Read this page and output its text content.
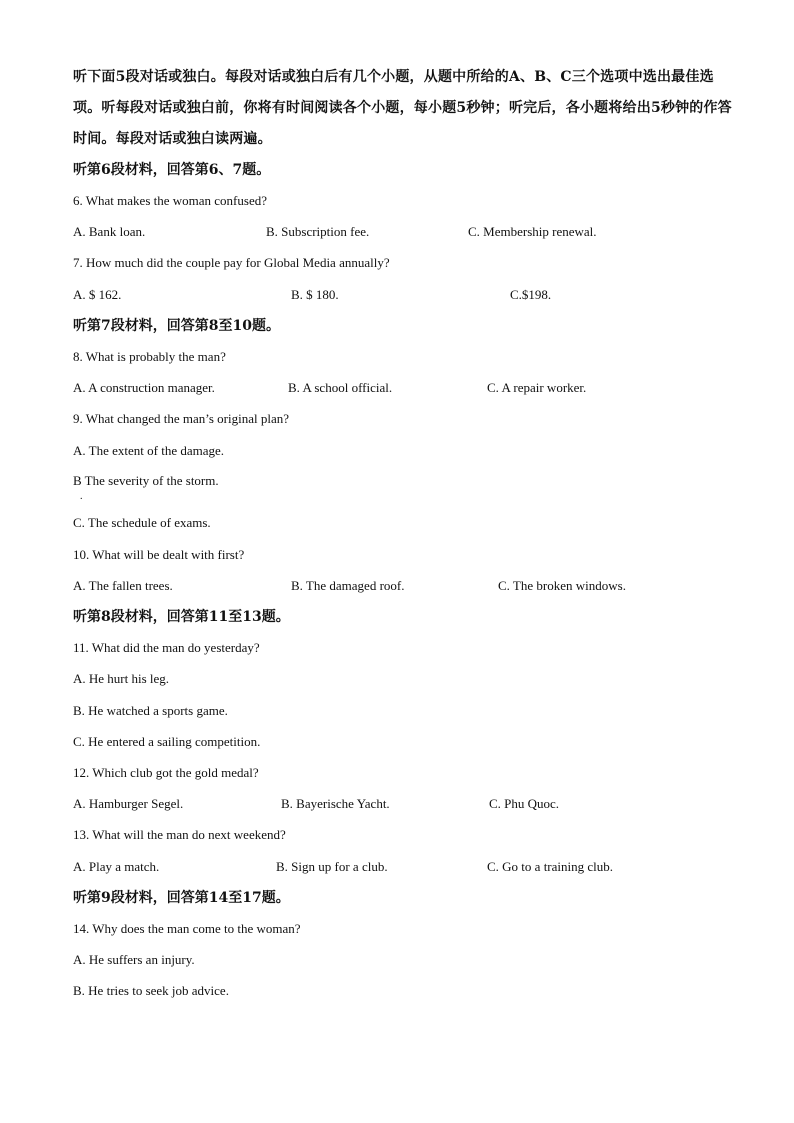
听下面5段对话或独白。每段对话或独白后有几个小题，从题中所给的A、B、C三个选项中选出最佳选项。听每段对话或独白前，你将有时间阅读各个小题，每小题5秒钟；听完后，各小题将给出5秒钟的作答时间。每段对话或独白读两遍。
听第6段材料，回答第6、7题。
6. What makes the woman confused?
A. Bank loan.	B. Subscription fee.	C. Membership renewal.
7. How much did the couple pay for Global Media annually?
A. $ 162.	B. $ 180.	C.$198.
听第7段材料，回答第8至10题。
8. What is probably the man?
A. A construction manager.	B. A school official.	C. A repair worker.
9. What changed the man’s original plan?
A. The extent of the damage.
B The severity of the storm.
.
C. The schedule of exams.
10. What will be dealt with first?
A. The fallen trees.	B. The damaged roof.	C. The broken windows.
听第8段材料，回答第11至13题。
11. What did the man do yesterday?
A. He hurt his leg.
B. He watched a sports game.
C. He entered a sailing competition.
12. Which club got the gold medal?
A. Hamburger Segel.	B. Bayerische Yacht.	C. Phu Quoc.
13. What will the man do next weekend?
A. Play a match.	B. Sign up for a club.	C. Go to a training club.
听第9段材料，回答第14至17题。
14. Why does the man come to the woman?
A. He suffers an injury.
B. He tries to seek job advice.
